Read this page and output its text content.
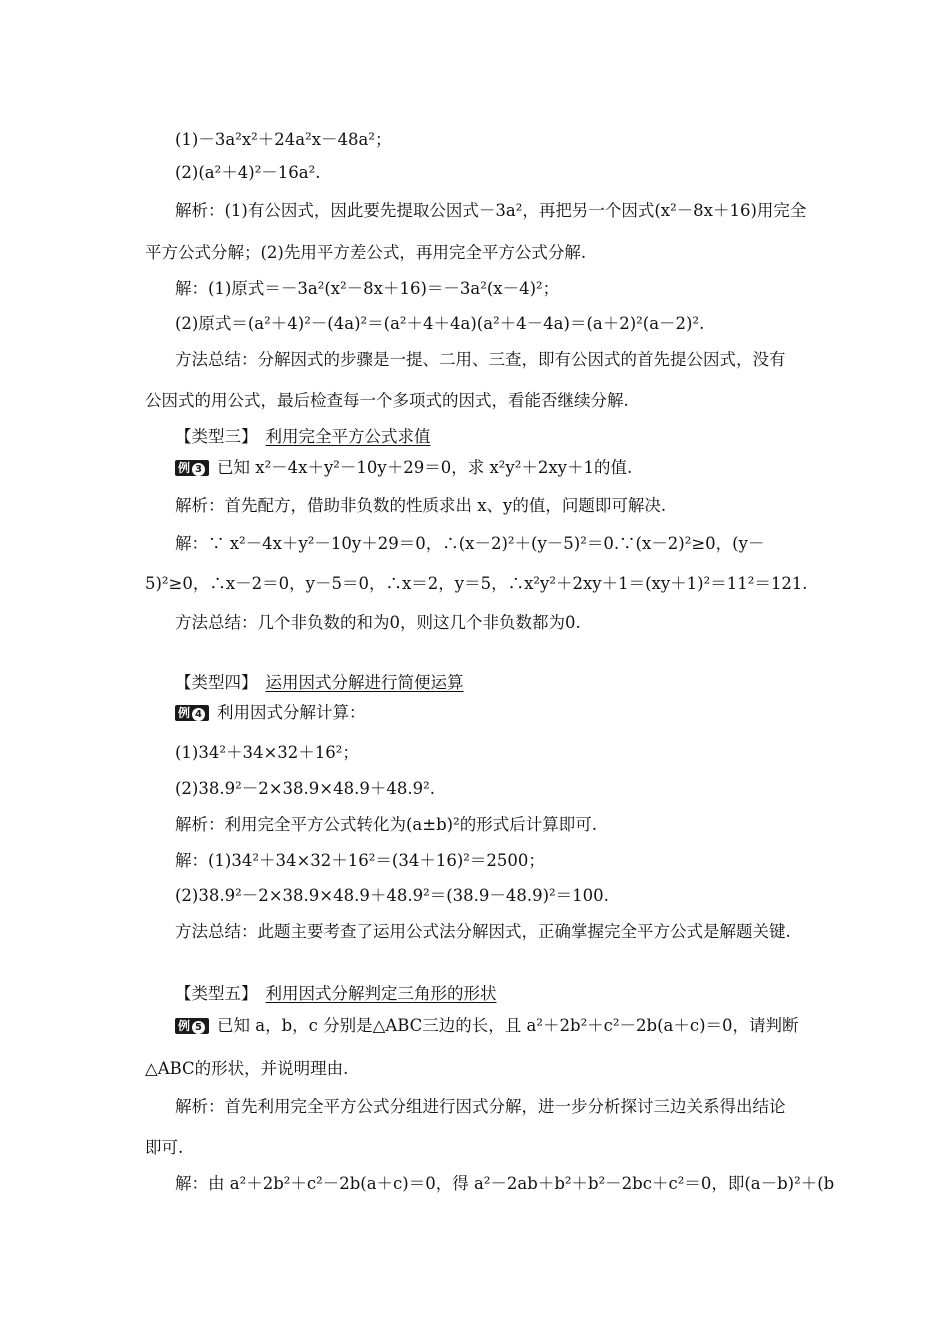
(1)－3a²x²＋24a²x－48a²；
(2)(a²＋4)²－16a².
解析：(1)有公因式，因此要先提取公因式－3a²，再把另一个因式(x²－8x＋16)用完全
平方公式分解；(2)先用平方差公式，再用完全平方公式分解.
解：(1)原式＝－3a²(x²－8x＋16)＝－3a²(x－4)²；
(2)原式＝(a²＋4)²－(4a)²＝(a²＋4＋4a)(a²＋4－4a)＝(a＋2)²(a－2)².
方法总结：分解因式的步骤是一提、二用、三查，即有公因式的首先提公因式，没有
公因式的用公式，最后检查每一个多项式的因式，看能否继续分解.
【类型三】 利用完全平方公式求值
例 3 已知 x²－4x＋y²－10y＋29＝0，求 x²y²＋2xy＋1的值.
解析：首先配方，借助非负数的性质求出 x、y的值，问题即可解决.
解：∵ x²－4x＋y²－10y＋29＝0，∴(x－2)²＋(y－5)²＝0.∵(x－2)²≥0，(y－
5)²≥0，∴x－2＝0，y－5＝0，∴x＝2，y＝5，∴x²y²＋2xy＋1＝(xy＋1)²＝11²＝121.
方法总结：几个非负数的和为0，则这几个非负数都为0.
【类型四】 运用因式分解进行简便运算
例 4 利用因式分解计算：
(1)34²＋34×32＋16²；
(2)38.9²－2×38.9×48.9＋48.9².
解析：利用完全平方公式转化为(a±b)²的形式后计算即可.
解：(1)34²＋34×32＋16²＝(34＋16)²＝2500；
(2)38.9²－2×38.9×48.9＋48.9²＝(38.9－48.9)²＝100.
方法总结：此题主要考查了运用公式法分解因式，正确掌握完全平方公式是解题关键.
【类型五】 利用因式分解判定三角形的形状
例 5 已知 a，b，c 分别是△ABC三边的长，且 a²＋2b²＋c²－2b(a＋c)＝0，请判断
△ABC的形状，并说明理由.
解析：首先利用完全平方公式分组进行因式分解，进一步分析探讨三边关系得出结论
即可.
解：由 a²＋2b²＋c²－2b(a＋c)＝0，得 a²－2ab＋b²＋b²－2bc＋c²＝0，即(a－b)²＋(b
